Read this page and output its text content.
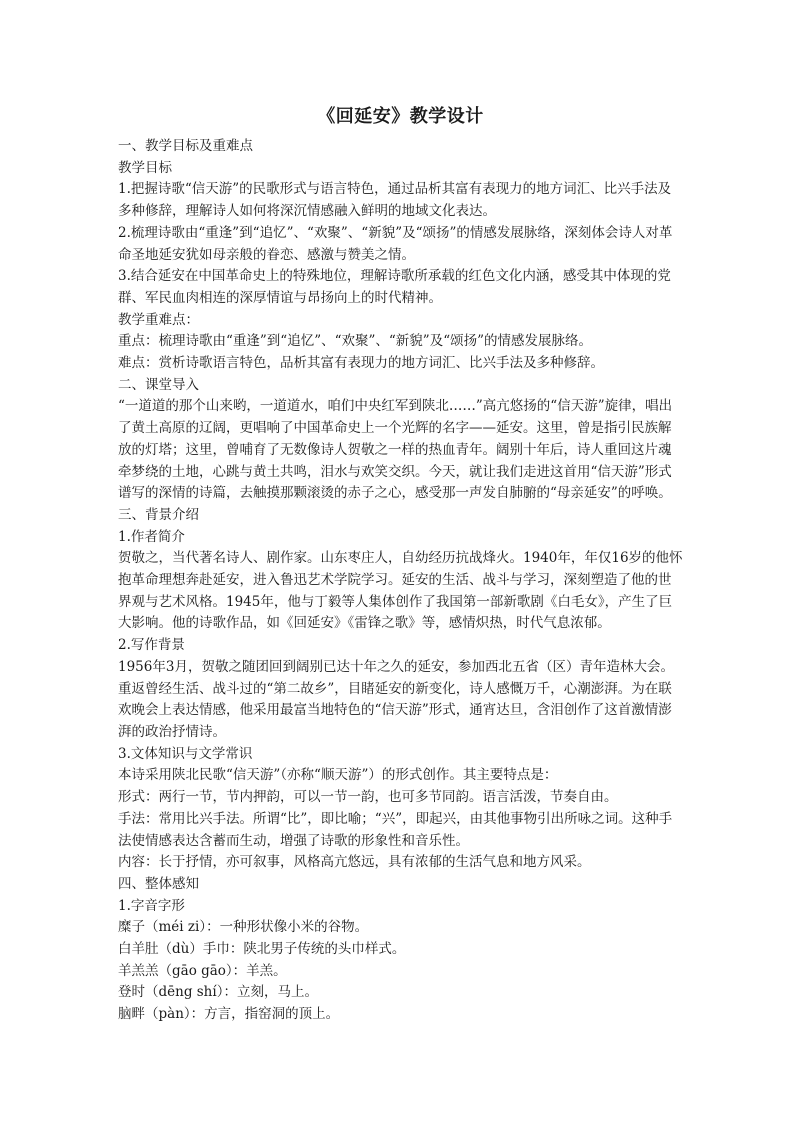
《回延安》教学设计
一、教学目标及重难点
教学目标
1.把握诗歌“信天游”的民歌形式与语言特色，通过品析其富有表现力的地方词汇、比兴手法及多种修辞，理解诗人如何将深沉情感融入鲜明的地域文化表达。
2.梳理诗歌由“重逢”到“追忆”、“欢聚”、“新貌”及“颂扬”的情感发展脉络，深刻体会诗人对革命圣地延安犹如母亲般的眷恋、感激与赞美之情。
3.结合延安在中国革命史上的特殊地位，理解诗歌所承载的红色文化内涵，感受其中体现的党群、军民血肉相连的深厚情谊与昂扬向上的时代精神。
教学重难点：
重点：梳理诗歌由“重逢”到“追忆”、“欢聚”、“新貌”及“颂扬”的情感发展脉络。
难点：赏析诗歌语言特色，品析其富有表现力的地方词汇、比兴手法及多种修辞。
二、课堂导入
“一道道的那个山来哟，一道道水，咱们中央红军到陕北……”高亢悠扬的“信天游”旋律，唱出了黄土高原的辽阔，更唱响了中国革命史上一个光辉的名字——延安。这里，曾是指引民族解放的灯塔；这里，曾哺育了无数像诗人贺敬之一样的热血青年。阔别十年后，诗人重回这片魂牵梦绕的土地，心跳与黄土共鸣，泪水与欢笑交织。今天，就让我们走进这首用“信天游”形式谱写的深情的诗篇，去触摸那颗滚烫的赤子之心，感受那一声发自肺腑的“母亲延安”的呼唤。
三、背景介绍
1.作者简介
贺敬之，当代著名诗人、剧作家。山东枣庄人，自幼经历抗战烽火。1940年，年仅16岁的他怀抱革命理想奔赴延安，进入鲁迅艺术学院学习。延安的生活、战斗与学习，深刻塑造了他的世界观与艺术风格。1945年，他与丁毅等人集体创作了我国第一部新歌剧《白毛女》，产生了巨大影响。他的诗歌作品，如《回延安》《雷锋之歌》等，感情炽热，时代气息浓郁。
2.写作背景
1956年3月，贺敬之随团回到阔别已达十年之久的延安，参加西北五省（区）青年造林大会。重返曾经生活、战斗过的“第二故乡”，目睹延安的新变化，诗人感慨万千，心潮澎湃。为在联欢晚会上表达情感，他采用最富当地特色的“信天游”形式，通宵达旦，含泪创作了这首激情澎湃的政治抒情诗。
3.文体知识与文学常识
本诗采用陕北民歌“信天游”（亦称“顺天游”）的形式创作。其主要特点是：
形式：两行一节，节内押韵，可以一节一韵，也可多节同韵。语言活泼，节奏自由。
手法：常用比兴手法。所谓“比”，即比喻；“兴”，即起兴，由其他事物引出所咏之词。这种手法使情感表达含蓄而生动，增强了诗歌的形象性和音乐性。
内容：长于抒情，亦可叙事，风格高亢悠远，具有浓郁的生活气息和地方风采。
四、整体感知
1.字音字形
糜子（méi zi）：一种形状像小米的谷物。
白羊肚（dù）手巾：陕北男子传统的头巾样式。
羊羔羔（gāo gāo）：羊羔。
登时（dēng shí）：立刻，马上。
脑畔（pàn）：方言，指窑洞的顶上。
